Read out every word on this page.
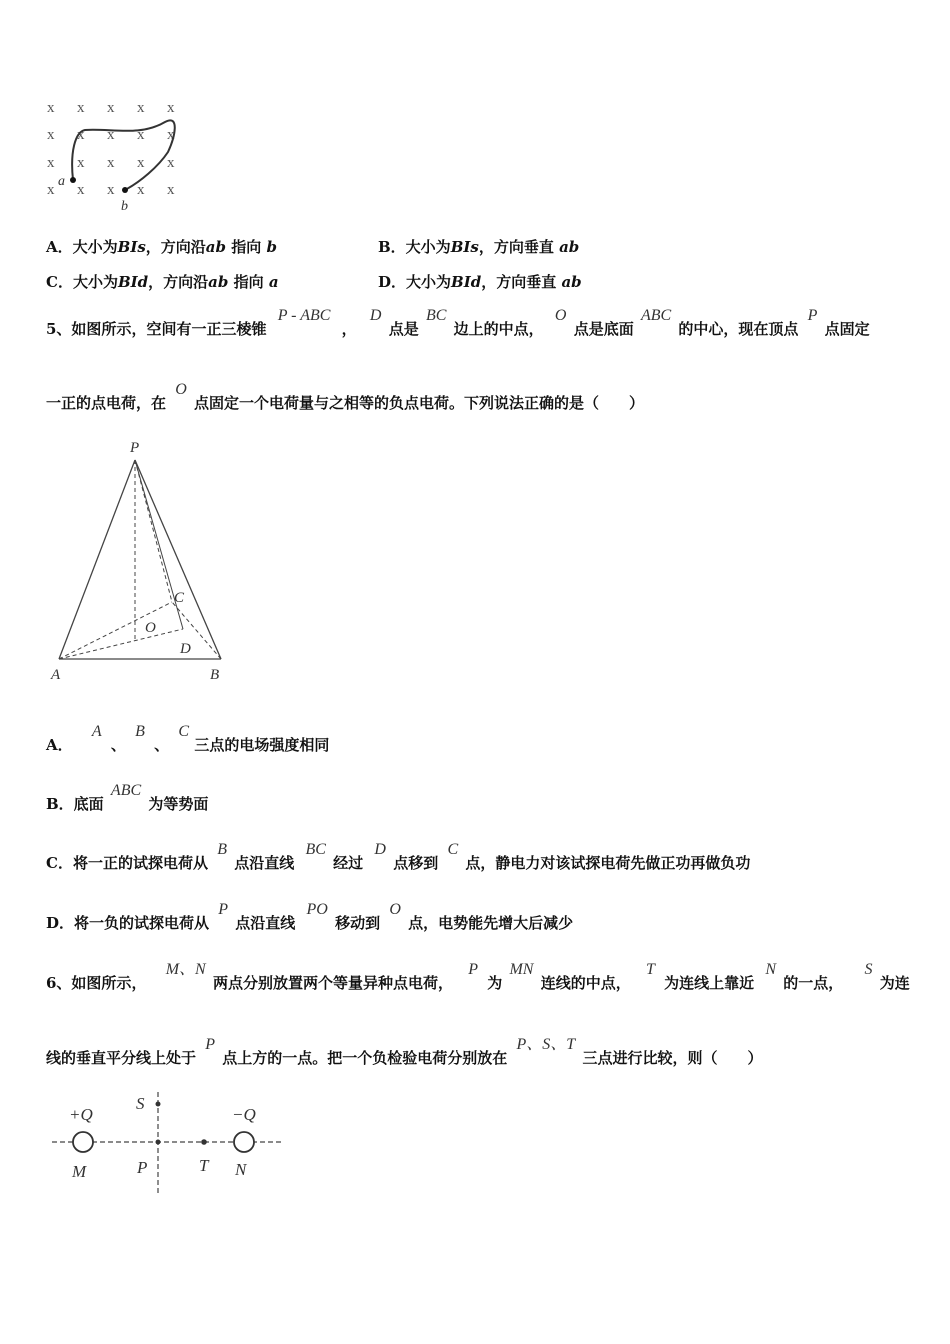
x x x x x
x x x x x
x x x x x
x x x x x
a
b
A．大小为BIs，方向沿ab 指向 b	B．大小为BIs，方向垂直 ab
C．大小为BId，方向沿ab 指向 a	D．大小为BId，方向垂直 ab
5、如图所示，空间有一正三棱锥 P - ABC ， D 点是 BC 边上的中点， O 点是底面 ABC 的中心，现在顶点 P 点固定
一正的点电荷，在 O 点固定一个电荷量与之相等的负点电荷。下列说法正确的是（　　）
P
A	B
C
O
D
A． A 、 B 、 C 三点的电场强度相同
B．底面 ABC 为等势面
C．将一正的试探电荷从 B 点沿直线 BC 经过 D 点移到 C 点，静电力对该试探电荷先做正功再做负功
D．将一负的试探电荷从 P 点沿直线 PO 移动到 O 点，电势能先增大后减少
6、如图所示， M、N 两点分别放置两个等量异种点电荷， P 为 MN 连线的中点， T 为连线上靠近 N 的一点， S 为连
线的垂直平分线上处于 P 点上方的一点。把一个负检验电荷分别放在 P、S、T 三点进行比较，则（　　）
+Q	−Q
S
M	P	T N
